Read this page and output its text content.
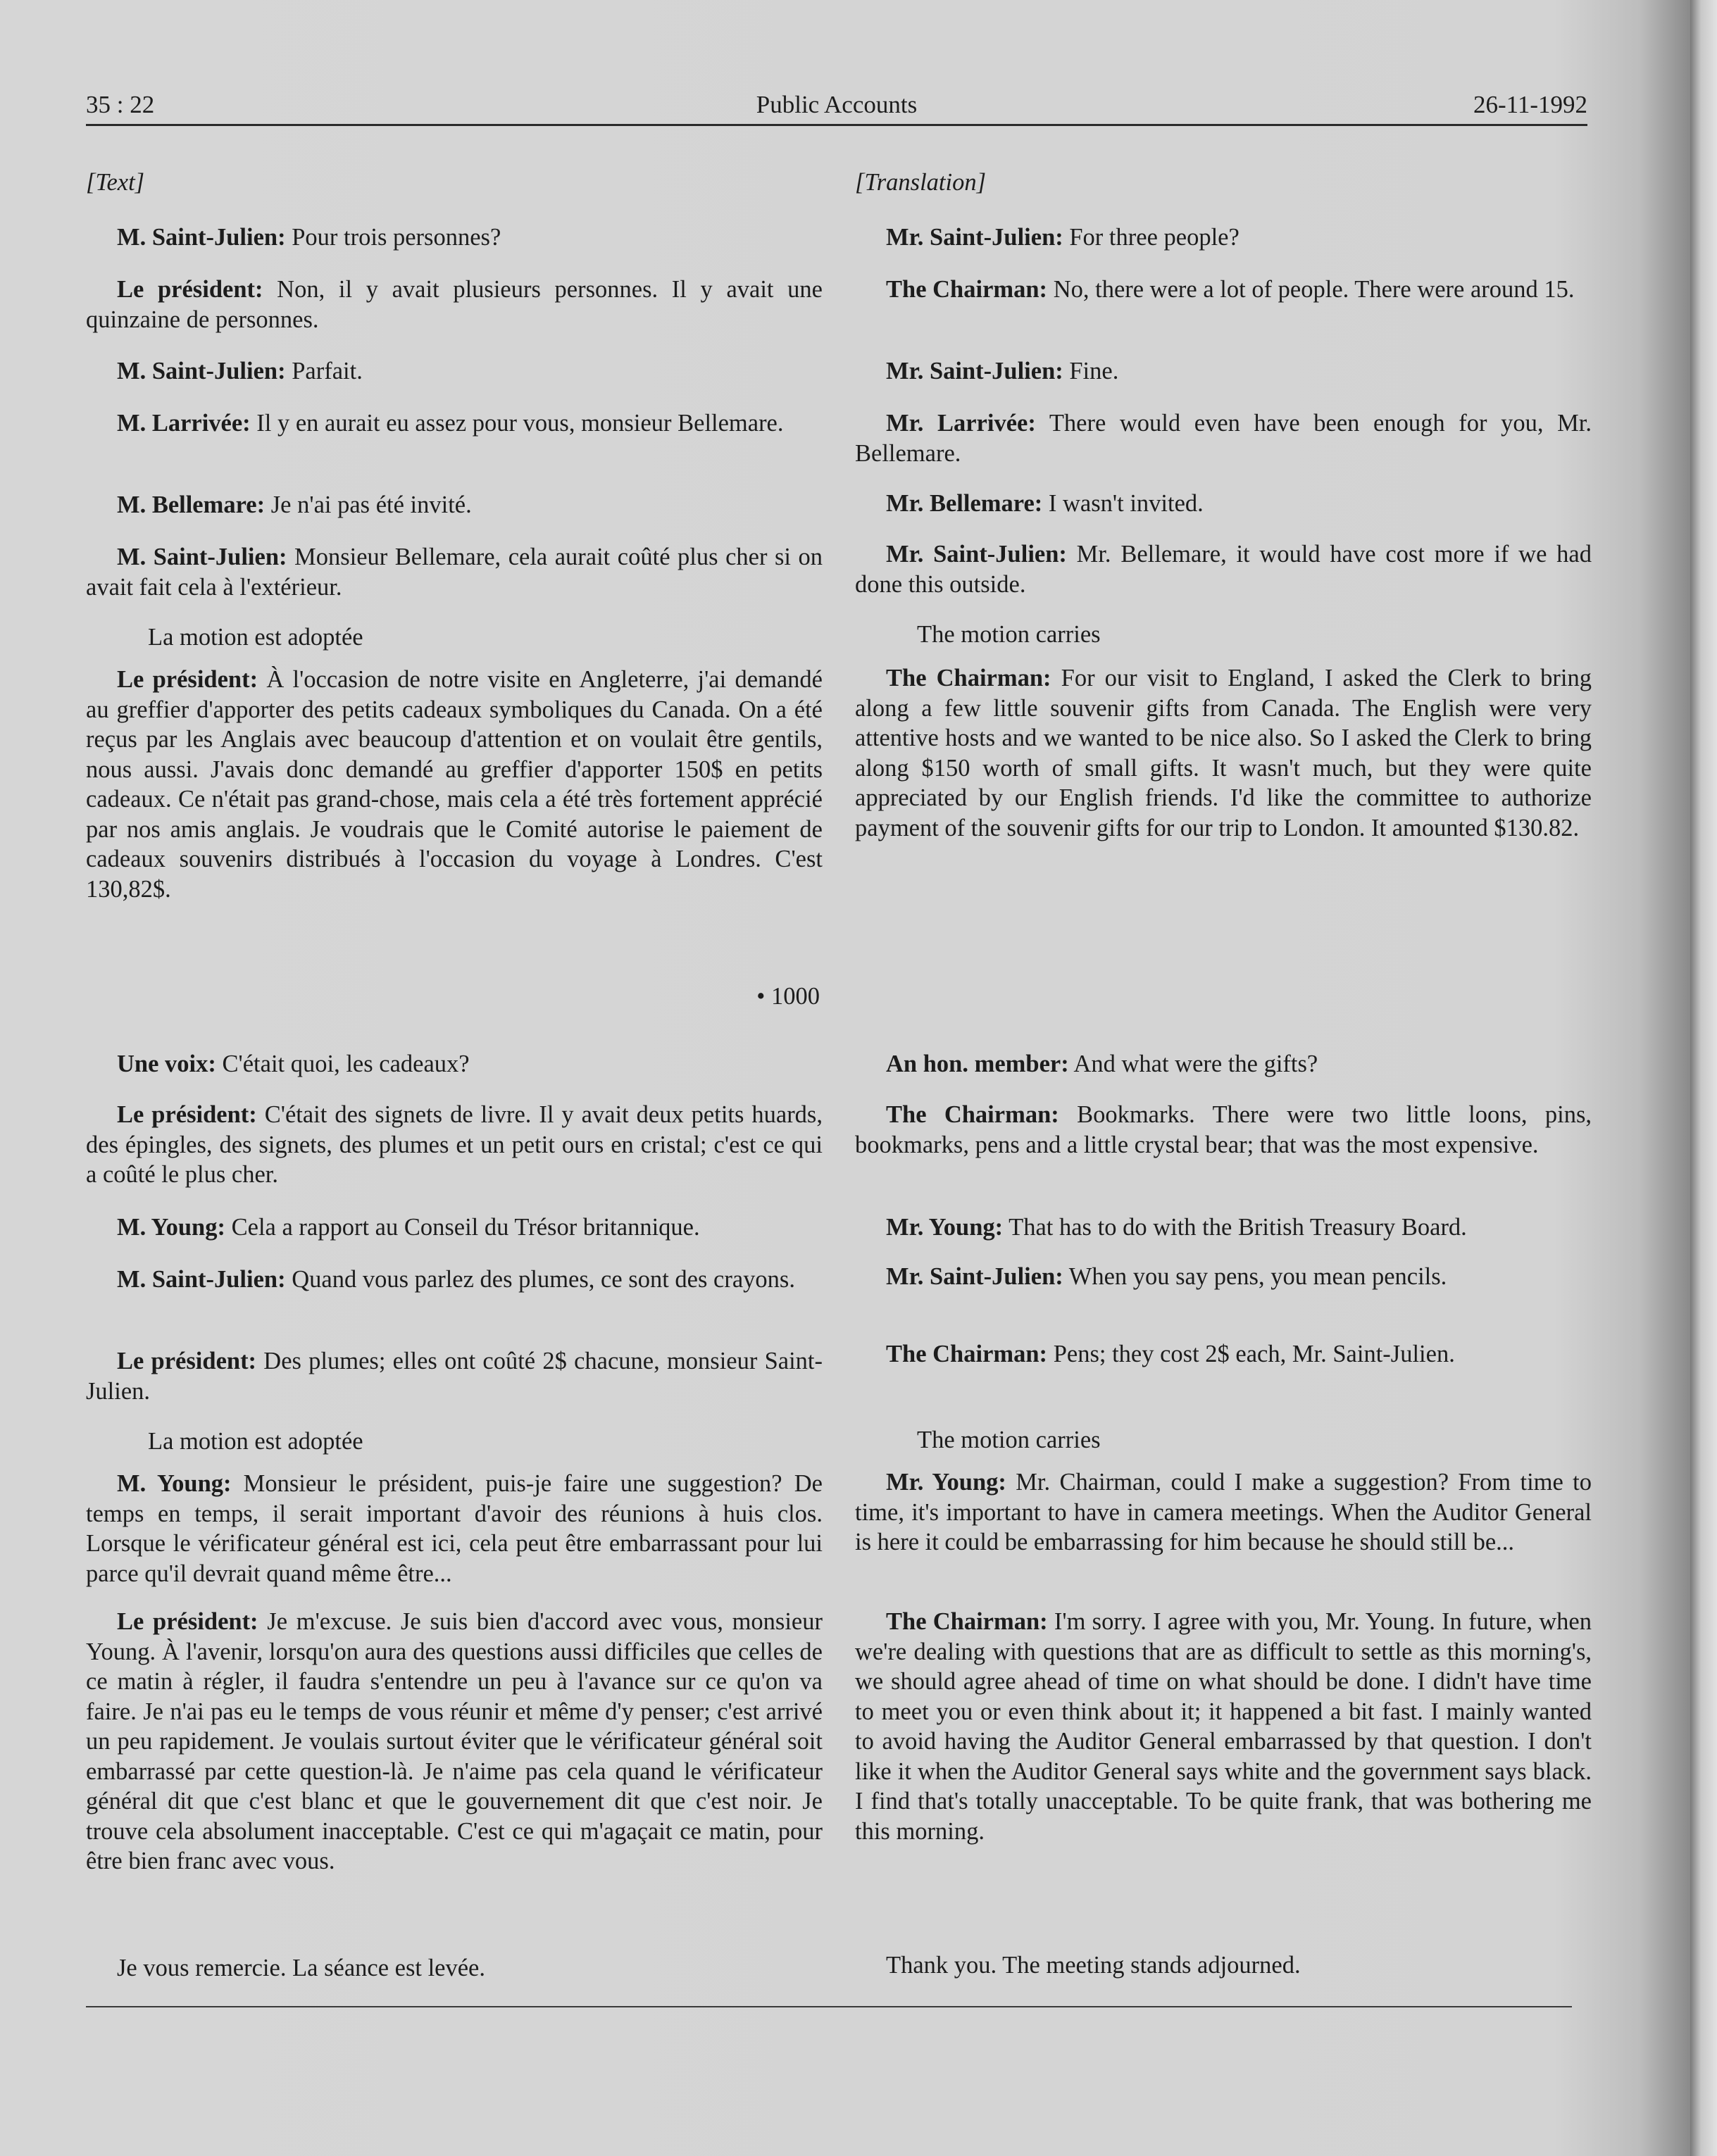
35 : 22	Public Accounts	26-11-1992

[Text]

M. Saint-Julien: Pour trois personnes?

Le président: Non, il y avait plusieurs personnes. Il y avait une quinzaine de personnes.

M. Saint-Julien: Parfait.

M. Larrivée: Il y en aurait eu assez pour vous, monsieur Bellemare.

M. Bellemare: Je n'ai pas été invité.

M. Saint-Julien: Monsieur Bellemare, cela aurait coûté plus cher si on avait fait cela à l'extérieur.

La motion est adoptée

Le président: À l'occasion de notre visite en Angleterre, j'ai demandé au greffier d'apporter des petits cadeaux symboliques du Canada. On a été reçus par les Anglais avec beaucoup d'attention et on voulait être gentils, nous aussi. J'avais donc demandé au greffier d'apporter 150$ en petits cadeaux. Ce n'était pas grand-chose, mais cela a été très fortement apprécié par nos amis anglais. Je voudrais que le Comité autorise le paiement de cadeaux souvenirs distribués à l'occasion du voyage à Londres. C'est 130,82$.

• 1000

Une voix: C'était quoi, les cadeaux?

Le président: C'était des signets de livre. Il y avait deux petits huards, des épingles, des signets, des plumes et un petit ours en cristal; c'est ce qui a coûté le plus cher.

M. Young: Cela a rapport au Conseil du Trésor britannique.

M. Saint-Julien: Quand vous parlez des plumes, ce sont des crayons.

Le président: Des plumes; elles ont coûté 2$ chacune, monsieur Saint-Julien.

La motion est adoptée

M. Young: Monsieur le président, puis-je faire une suggestion? De temps en temps, il serait important d'avoir des réunions à huis clos. Lorsque le vérificateur général est ici, cela peut être embarrassant pour lui parce qu'il devrait quand même être...

Le président: Je m'excuse. Je suis bien d'accord avec vous, monsieur Young. À l'avenir, lorsqu'on aura des questions aussi difficiles que celles de ce matin à régler, il faudra s'entendre un peu à l'avance sur ce qu'on va faire. Je n'ai pas eu le temps de vous réunir et même d'y penser; c'est arrivé un peu rapidement. Je voulais surtout éviter que le vérificateur général soit embarrassé par cette question-là. Je n'aime pas cela quand le vérificateur général dit que c'est blanc et que le gouvernement dit que c'est noir. Je trouve cela absolument inacceptable. C'est ce qui m'agaçait ce matin, pour être bien franc avec vous.

Je vous remercie. La séance est levée.

[Translation]

Mr. Saint-Julien: For three people?

The Chairman: No, there were a lot of people. There were around 15.

Mr. Saint-Julien: Fine.

Mr. Larrivée: There would even have been enough for you, Mr. Bellemare.

Mr. Bellemare: I wasn't invited.

Mr. Saint-Julien: Mr. Bellemare, it would have cost more if we had done this outside.

The motion carries

The Chairman: For our visit to England, I asked the Clerk to bring along a few little souvenir gifts from Canada. The English were very attentive hosts and we wanted to be nice also. So I asked the Clerk to bring along $150 worth of small gifts. It wasn't much, but they were quite appreciated by our English friends. I'd like the committee to authorize payment of the souvenir gifts for our trip to London. It amounted $130.82.

An hon. member: And what were the gifts?

The Chairman: Bookmarks. There were two little loons, pins, bookmarks, pens and a little crystal bear; that was the most expensive.

Mr. Young: That has to do with the British Treasury Board.

Mr. Saint-Julien: When you say pens, you mean pencils.

The Chairman: Pens; they cost 2$ each, Mr. Saint-Julien.

The motion carries

Mr. Young: Mr. Chairman, could I make a suggestion? From time to time, it's important to have in camera meetings. When the Auditor General is here it could be embarrassing for him because he should still be...

The Chairman: I'm sorry. I agree with you, Mr. Young. In future, when we're dealing with questions that are as difficult to settle as this morning's, we should agree ahead of time on what should be done. I didn't have time to meet you or even think about it; it happened a bit fast. I mainly wanted to avoid having the Auditor General embarrassed by that question. I don't like it when the Auditor General says white and the government says black. I find that's totally unacceptable. To be quite frank, that was bothering me this morning.

Thank you. The meeting stands adjourned.
